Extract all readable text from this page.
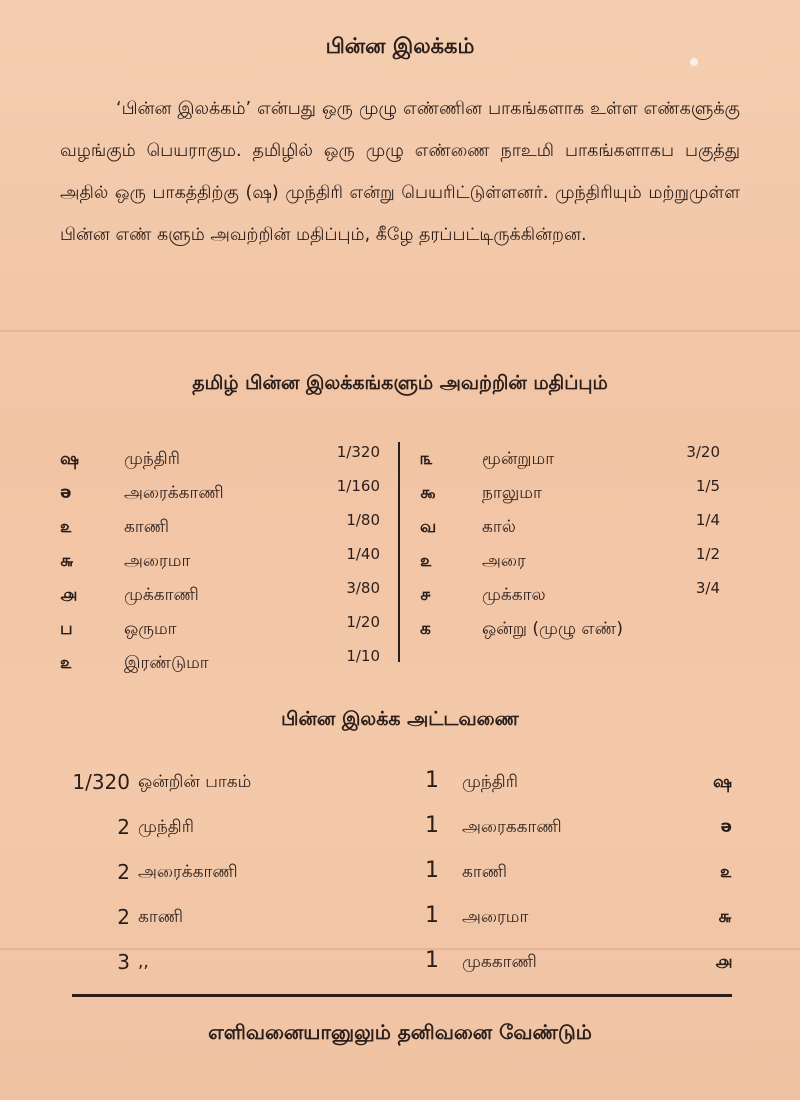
பின்ன இலக்கம்
‘பின்ன இலக்கம்’ என்பது ஒரு முழு எண்ணின பாகங்களாக உள்ள எண்களுக்கு வழங்கும் பெயராகும. தமிழில் ஒரு முழு எண்ணை நாஉமி பாகங்களாகப பகுத்து அதில் ஒரு பாகத்திற்கு (ஷ) முந்திரி என்று பெயரிட்டுள்ளனர். முந்திரியும் மற்றுமுள்ள பின்ன எண் களும் அவற்றின் மதிப்பும், கீழே தரப்பட்டிருக்கின்றன.
தமிழ் பின்ன இலக்கங்களும் அவற்றின் மதிப்பும்
ஷ	முந்திரி	1/320
ǝ	அரைக்காணி	1/160
௨	காணி	1/80
௬	அரைமா	1/40
௮	முக்காணி	3/80
ப	ஒருமா	1/20
௨	இரண்டுமா	1/10
௩	மூன்றுமா	3/20
௯	நாலுமா	1/5
வ	கால்	1/4
௨	அரை	1/2
௪	முக்கால	3/4
க	ஒன்று (முழு எண்)
பின்ன இலக்க அட்டவணை
1/320 ஒன்றின் பாகம்	1 முந்திரி	ஷ
2 முந்திரி	1 அரைககாணி	ǝ
2 அரைக்காணி	1 காணி	௨
2 காணி	1 அரைமா	௬
3 ,,	1 முககாணி	௮
எளிவனையானுலும் தனிவனை வேண்டும்
